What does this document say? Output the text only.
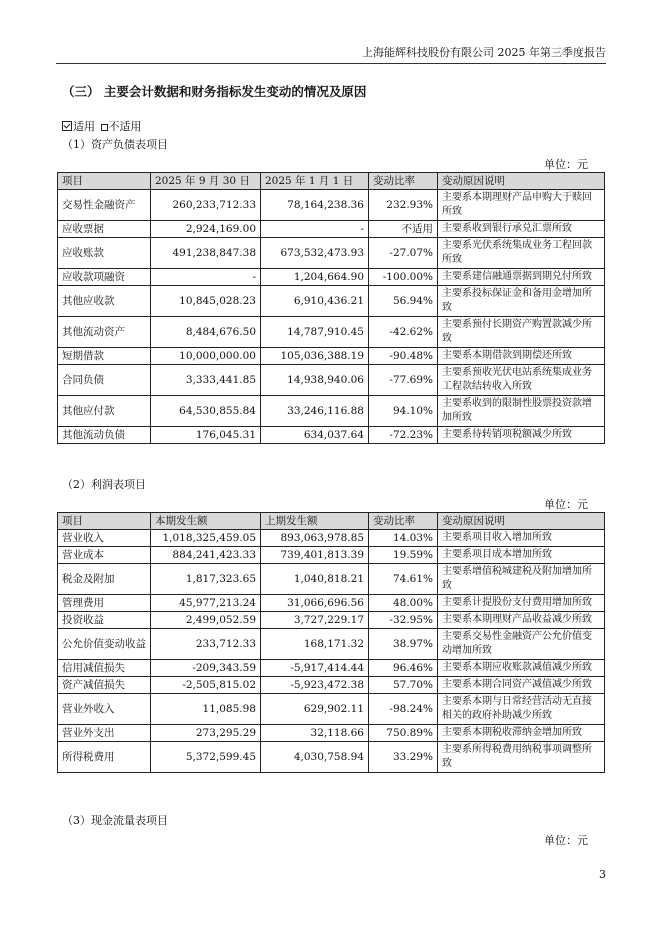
上海能辉科技股份有限公司 2025 年第三季度报告
（三） 主要会计数据和财务指标发生变动的情况及原因
适用 不适用
（1）资产负债表项目
单位：元
项目	2025 年 9 月 30 日	2025 年 1 月 1 日	变动比率	变动原因说明
交易性金融资产	260,233,712.33	78,164,238.36	232.93%	主要系本期理财产品申购大于赎回所致
应收票据	2,924,169.00	-	不适用	主要系收到银行承兑汇票所致
应收账款	491,238,847.38	673,532,473.93	-27.07%	主要系光伏系统集成业务工程回款所致
应收款项融资	-	1,204,664.90	-100.00%	主要系建信融通票据到期兑付所致
其他应收款	10,845,028.23	6,910,436.21	56.94%	主要系投标保证金和备用金增加所致
其他流动资产	8,484,676.50	14,787,910.45	-42.62%	主要系预付长期资产购置款减少所致
短期借款	10,000,000.00	105,036,388.19	-90.48%	主要系本期借款到期偿还所致
合同负债	3,333,441.85	14,938,940.06	-77.69%	主要系预收光伏电站系统集成业务工程款结转收入所致
其他应付款	64,530,855.84	33,246,116.88	94.10%	主要系收到的限制性股票投资款增加所致
其他流动负债	176,045.31	634,037.64	-72.23%	主要系待转销项税额减少所致
（2）利润表项目
单位：元
项目	本期发生额	上期发生额	变动比率	变动原因说明
营业收入	1,018,325,459.05	893,063,978.85	14.03%	主要系项目收入增加所致
营业成本	884,241,423.33	739,401,813.39	19.59%	主要系项目成本增加所致
税金及附加	1,817,323.65	1,040,818.21	74.61%	主要系增值税城建税及附加增加所致
管理费用	45,977,213.24	31,066,696.56	48.00%	主要系计提股份支付费用增加所致
投资收益	2,499,052.59	3,727,229.17	-32.95%	主要系本期理财产品收益减少所致
公允价值变动收益	233,712.33	168,171.32	38.97%	主要系交易性金融资产公允价值变动增加所致
信用减值损失	-209,343.59	-5,917,414.44	96.46%	主要系本期应收账款减值减少所致
资产减值损失	-2,505,815.02	-5,923,472.38	57.70%	主要系本期合同资产减值减少所致
营业外收入	11,085.98	629,902.11	-98.24%	主要系本期与日常经营活动无直接相关的政府补助减少所致
营业外支出	273,295.29	32,118.66	750.89%	主要系本期税收滞纳金增加所致
所得税费用	5,372,599.45	4,030,758.94	33.29%	主要系所得税费用纳税事项调整所致
（3）现金流量表项目
单位：元
3
